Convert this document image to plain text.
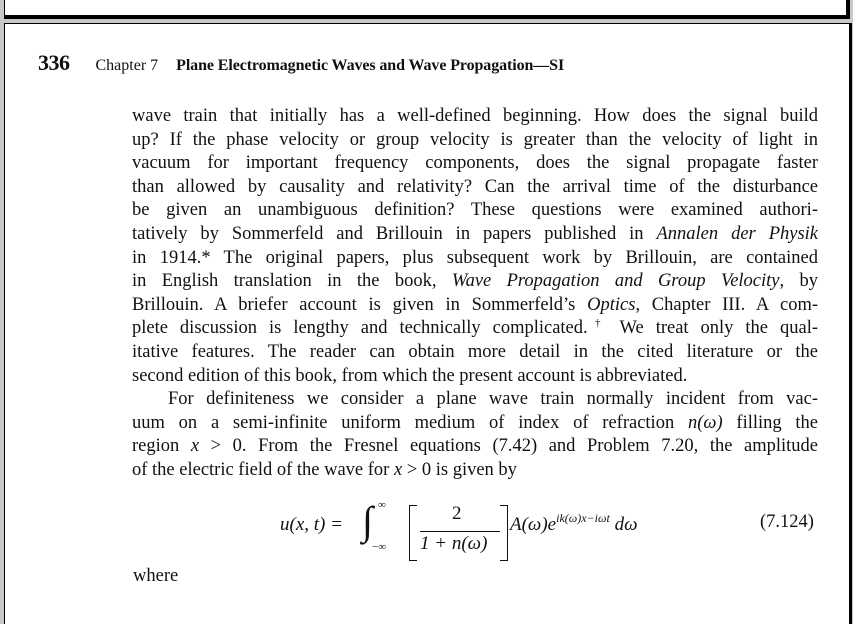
336 Chapter 7 Plane Electromagnetic Waves and Wave Propagation—SI
wave train that initially has a well-defined beginning. How does the signal build
up? If the phase velocity or group velocity is greater than the velocity of light in
vacuum for important frequency components, does the signal propagate faster
than allowed by causality and relativity? Can the arrival time of the disturbance
be given an unambiguous definition? These questions were examined authori-
tatively by Sommerfeld and Brillouin in papers published in Annalen der Physik
in 1914.* The original papers, plus subsequent work by Brillouin, are contained
in English translation in the book, Wave Propagation and Group Velocity, by
Brillouin. A briefer account is given in Sommerfeld’s Optics, Chapter III. A com-
plete discussion is lengthy and technically complicated.† We treat only the qual-
itative features. The reader can obtain more detail in the cited literature or the
second edition of this book, from which the present account is abbreviated.
For definiteness we consider a plane wave train normally incident from vac-
uum on a semi-infinite uniform medium of index of refraction n(ω) filling the
region x > 0. From the Fresnel equations (7.42) and Problem 7.20, the amplitude
of the electric field of the wave for x > 0 is given by
u(x, t) = ∫ ∞
−∞
2
1 + n(ω)
$A(\omega)e^{ik(\omega)x-i\omega t}$ dω	(7.124)
where
